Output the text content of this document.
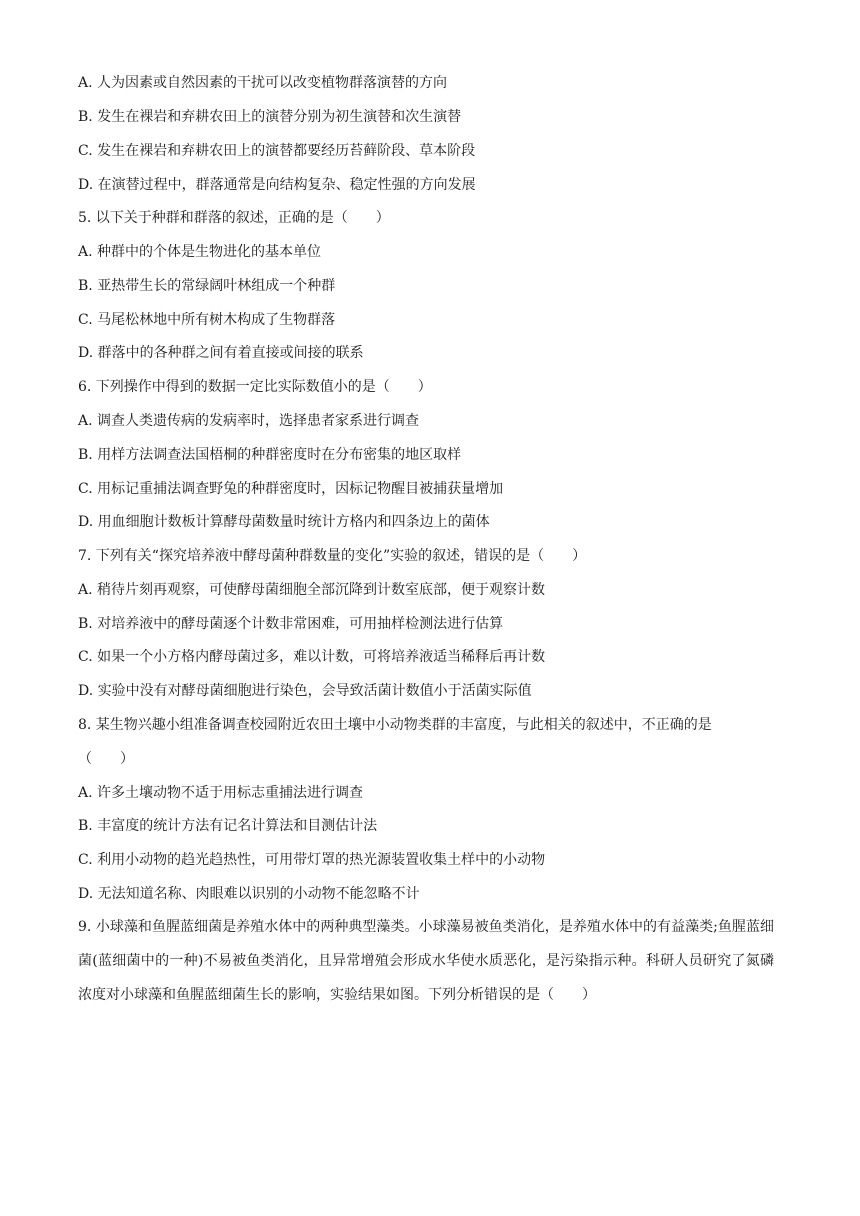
A. 人为因素或自然因素的干扰可以改变植物群落演替的方向
B. 发生在裸岩和弃耕农田上的演替分别为初生演替和次生演替
C. 发生在裸岩和弃耕农田上的演替都要经历苔藓阶段、草本阶段
D. 在演替过程中，群落通常是向结构复杂、稳定性强的方向发展
5. 以下关于种群和群落的叙述，正确的是（　　）
A. 种群中的个体是生物进化的基本单位
B. 亚热带生长的常绿阔叶林组成一个种群
C. 马尾松林地中所有树木构成了生物群落
D. 群落中的各种群之间有着直接或间接的联系
6. 下列操作中得到的数据一定比实际数值小的是（　　）
A. 调查人类遗传病的发病率时，选择患者家系进行调查
B. 用样方法调查法国梧桐的种群密度时在分布密集的地区取样
C. 用标记重捕法调查野兔的种群密度时，因标记物醒目被捕获量增加
D. 用血细胞计数板计算酵母菌数量时统计方格内和四条边上的菌体
7. 下列有关“探究培养液中酵母菌种群数量的变化”实验的叙述，错误的是（　　）
A. 稍待片刻再观察，可使酵母菌细胞全部沉降到计数室底部，便于观察计数
B. 对培养液中的酵母菌逐个计数非常困难，可用抽样检测法进行估算
C. 如果一个小方格内酵母菌过多，难以计数，可将培养液适当稀释后再计数
D. 实验中没有对酵母菌细胞进行染色，会导致活菌计数值小于活菌实际值
8. 某生物兴趣小组准备调查校园附近农田土壤中小动物类群的丰富度，与此相关的叙述中，不正确的是
（　　）
A. 许多土壤动物不适于用标志重捕法进行调查
B. 丰富度的统计方法有记名计算法和目测估计法
C. 利用小动物的趋光趋热性，可用带灯罩的热光源装置收集土样中的小动物
D. 无法知道名称、肉眼难以识别的小动物不能忽略不计
9. 小球藻和鱼腥蓝细菌是养殖水体中的两种典型藻类。小球藻易被鱼类消化，是养殖水体中的有益藻类;鱼腥蓝细菌(蓝细菌中的一种)不易被鱼类消化，且异常增殖会形成水华使水质恶化，是污染指示种。科研人员研究了氮磷浓度对小球藻和鱼腥蓝细菌生长的影响，实验结果如图。下列分析错误的是（　　）
